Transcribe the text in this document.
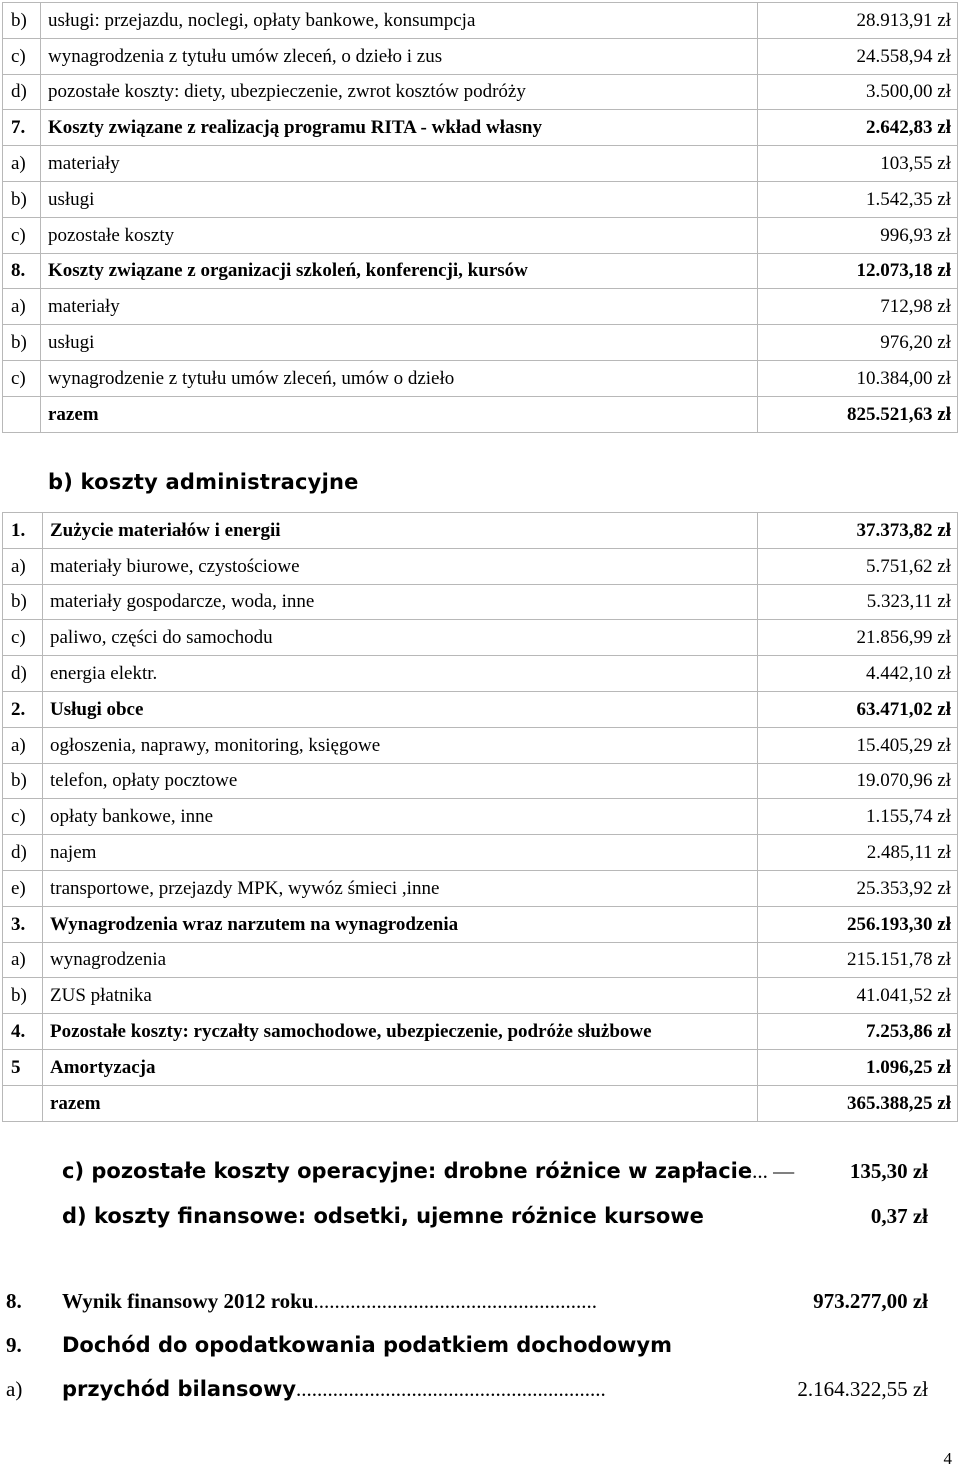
b)	usługi: przejazdu, noclegi, opłaty bankowe, konsumpcja	28.913,91 zł
c)	wynagrodzenia z tytułu umów zleceń, o dzieło i zus	24.558,94 zł
d)	pozostałe koszty: diety, ubezpieczenie, zwrot kosztów podróży	3.500,00 zł
7.	Koszty związane z realizacją programu RITA - wkład własny	2.642,83 zł
a)	materiały	103,55 zł
b)	usługi	1.542,35 zł
c)	pozostałe koszty	996,93 zł
8.	Koszty związane z organizacji szkoleń, konferencji, kursów	12.073,18 zł
a)	materiały	712,98 zł
b)	usługi	976,20 zł
c)	wynagrodzenie z tytułu umów zleceń, umów o dzieło	10.384,00 zł
	razem	825.521,63 zł
b) koszty administracyjne
1.	Zużycie materiałów i energii	37.373,82 zł
a)	materiały biurowe, czystościowe	5.751,62 zł
b)	materiały gospodarcze, woda, inne	5.323,11 zł
c)	paliwo, części do samochodu	21.856,99 zł
d)	energia elektr.	4.442,10 zł
2.	Usługi obce	63.471,02 zł
a)	ogłoszenia, naprawy, monitoring, księgowe	15.405,29 zł
b)	telefon, opłaty pocztowe	19.070,96 zł
c)	opłaty bankowe, inne	1.155,74 zł
d)	najem	2.485,11 zł
e)	transportowe, przejazdy MPK, wywóz śmieci ,inne	25.353,92 zł
3.	Wynagrodzenia wraz narzutem na wynagrodzenia	256.193,30 zł
a)	wynagrodzenia	215.151,78 zł
b)	ZUS płatnika	41.041,52 zł
4.	Pozostałe koszty: ryczałty samochodowe, ubezpieczenie, podróże służbowe	7.253,86 zł
5	Amortyzacja	1.096,25 zł
	razem	365.388,25 zł
c) pozostałe koszty operacyjne: drobne różnice w zapłacie... —	135,30 zł
d) koszty finansowe: odsetki, ujemne różnice kursowe	0,37 zł
8. Wynik finansowy 2012 roku......................................................	973.277,00 zł
9. Dochód do opodatkowania podatkiem dochodowym
a) przychód bilansowy...........................................................	2.164.322,55 zł
4
